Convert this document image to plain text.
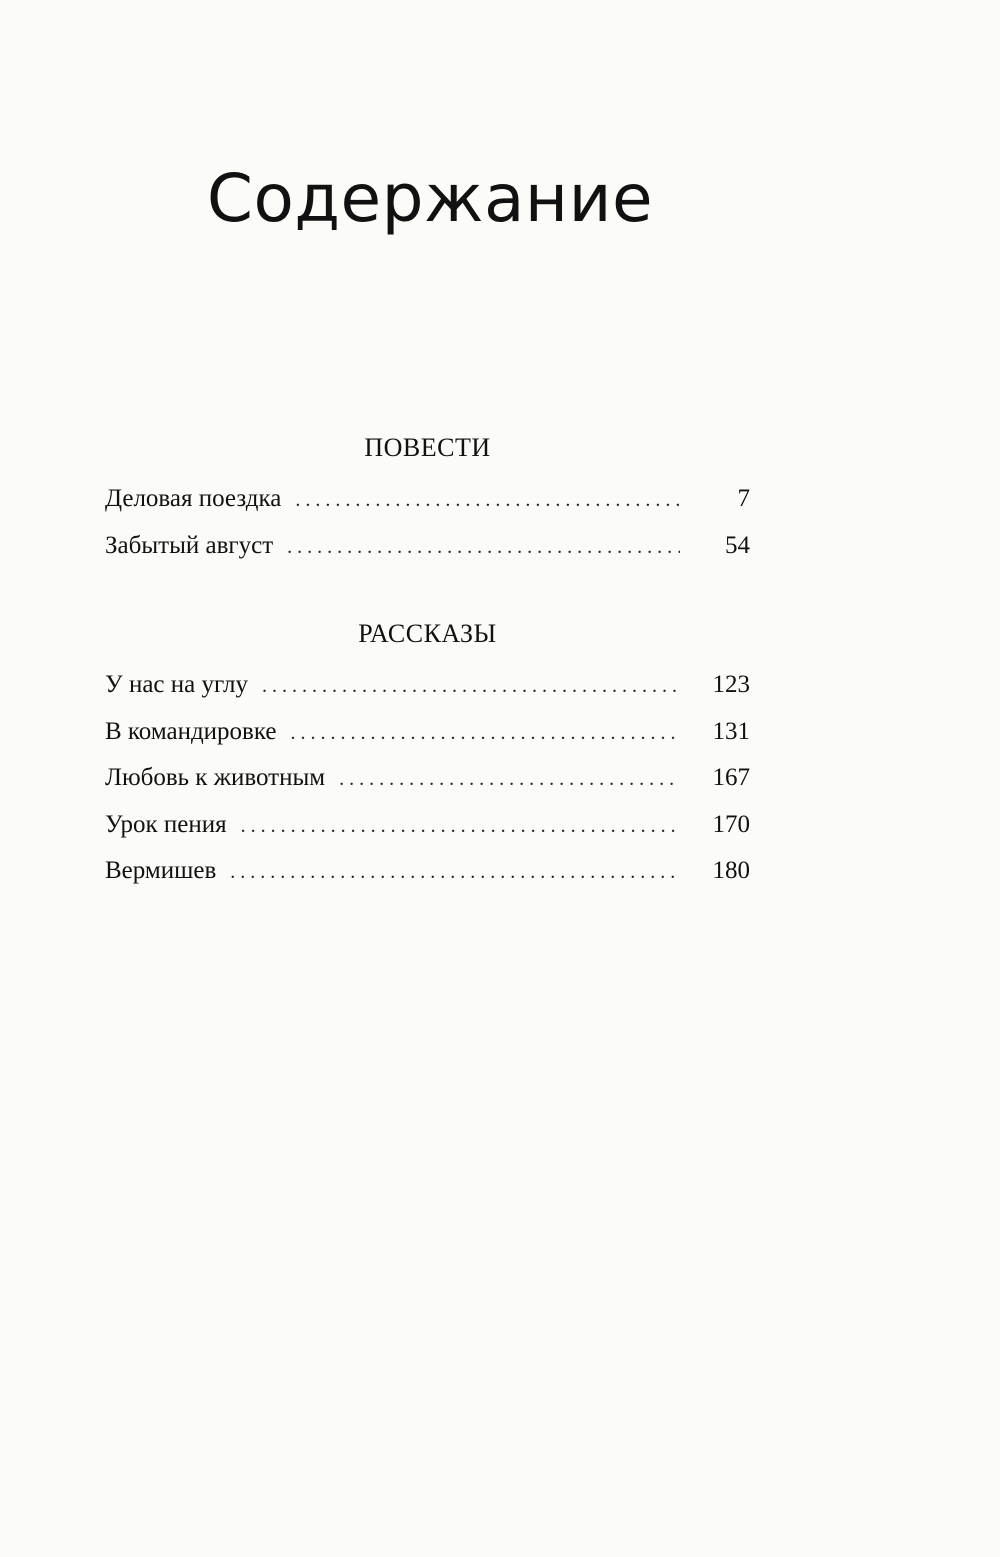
Содержание
ПОВЕСТИ
Деловая поездка . . .	7
Забытый август . . .	54
РАССКАЗЫ
У нас на углу . . .	123
В командировке . . .	131
Любовь к животным . . .	167
Урок пения . . .	170
Вермишев . . .	180
